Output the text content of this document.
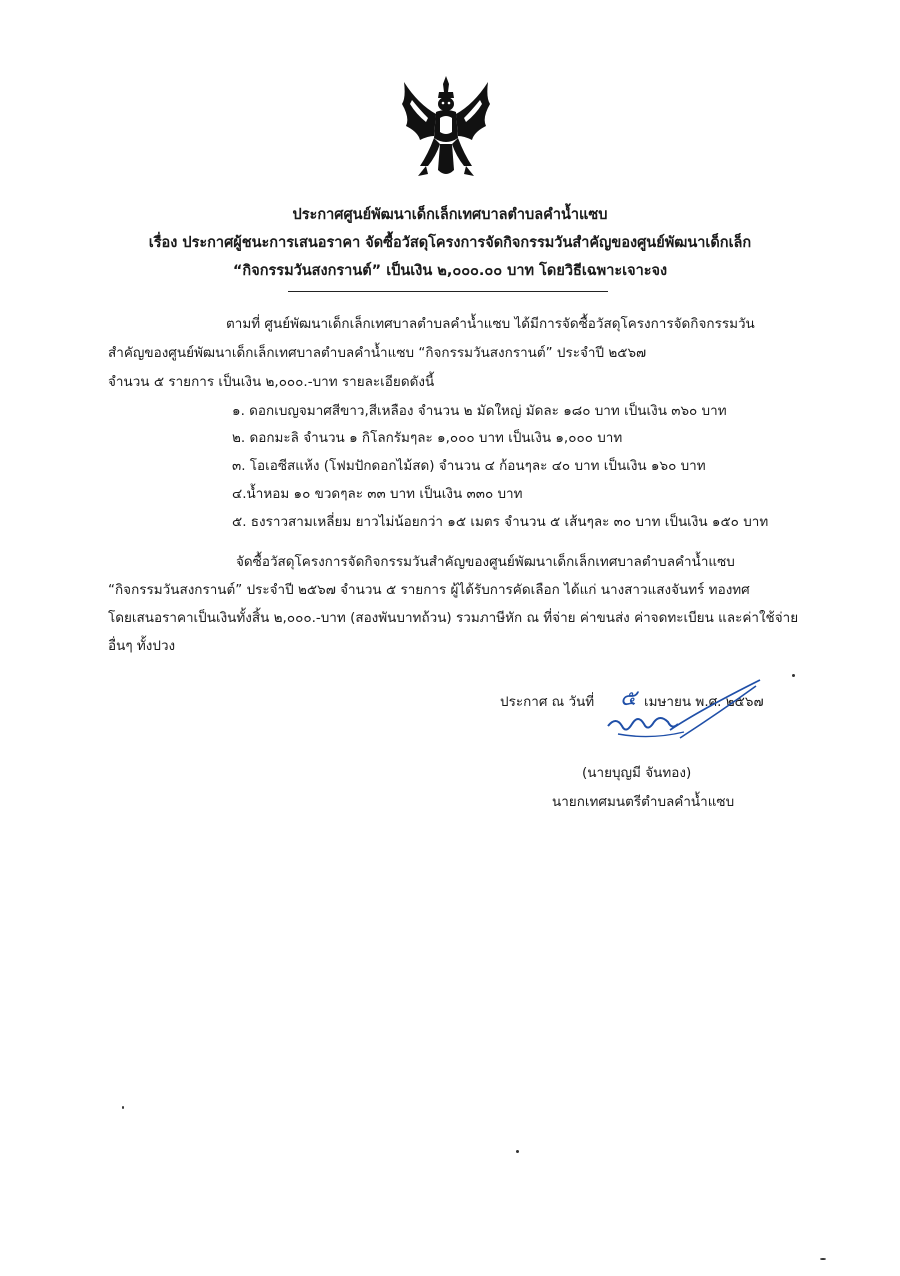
ประกาศศูนย์พัฒนาเด็กเล็กเทศบาลตำบลคำน้ำแซบ
เรื่อง ประกาศผู้ชนะการเสนอราคา จัดซื้อวัสดุโครงการจัดกิจกรรมวันสำคัญของศูนย์พัฒนาเด็กเล็ก
“กิจกรรมวันสงกรานต์” เป็นเงิน ๒,๐๐๐.๐๐ บาท โดยวิธีเฉพาะเจาะจง
ตามที่ ศูนย์พัฒนาเด็กเล็กเทศบาลตำบลคำน้ำแซบ ได้มีการจัดซื้อวัสดุโครงการจัดกิจกรรมวัน
สำคัญของศูนย์พัฒนาเด็กเล็กเทศบาลตำบลคำน้ำแซบ “กิจกรรมวันสงกรานต์” ประจำปี ๒๕๖๗
จำนวน ๕ รายการ เป็นเงิน ๒,๐๐๐.-บาท รายละเอียดดังนี้
๑. ดอกเบญจมาศสีขาว,สีเหลือง จำนวน ๒ มัดใหญ่ มัดละ ๑๘๐ บาท เป็นเงิน ๓๖๐ บาท
๒. ดอกมะลิ จำนวน ๑ กิโลกรัมๆละ ๑,๐๐๐ บาท เป็นเงิน ๑,๐๐๐ บาท
๓. โอเอซีสแห้ง (โฟมปักดอกไม้สด) จำนวน ๔ ก้อนๆละ ๔๐ บาท เป็นเงิน ๑๖๐ บาท
๔.น้ำหอม ๑๐ ขวดๆละ ๓๓ บาท เป็นเงิน ๓๓๐ บาท
๕. ธงราวสามเหลี่ยม ยาวไม่น้อยกว่า ๑๕ เมตร จำนวน ๕ เส้นๆละ ๓๐ บาท เป็นเงิน ๑๕๐ บาท
จัดซื้อวัสดุโครงการจัดกิจกรรมวันสำคัญของศูนย์พัฒนาเด็กเล็กเทศบาลตำบลคำน้ำแซบ
“กิจกรรมวันสงกรานต์” ประจำปี ๒๕๖๗ จำนวน ๕ รายการ ผู้ได้รับการคัดเลือก ได้แก่ นางสาวแสงจันทร์ ทองทศ
โดยเสนอราคาเป็นเงินทั้งสิ้น ๒,๐๐๐.-บาท (สองพันบาทถ้วน) รวมภาษีหัก ณ ที่จ่าย ค่าขนส่ง ค่าจดทะเบียน และค่าใช้จ่าย
อื่นๆ ทั้งปวง
ประกาศ ณ วันที่ ๕ เมษายน พ.ศ. ๒๕๖๗
(นายบุญมี จันทอง)
นายกเทศมนตรีตำบลคำน้ำแซบ
